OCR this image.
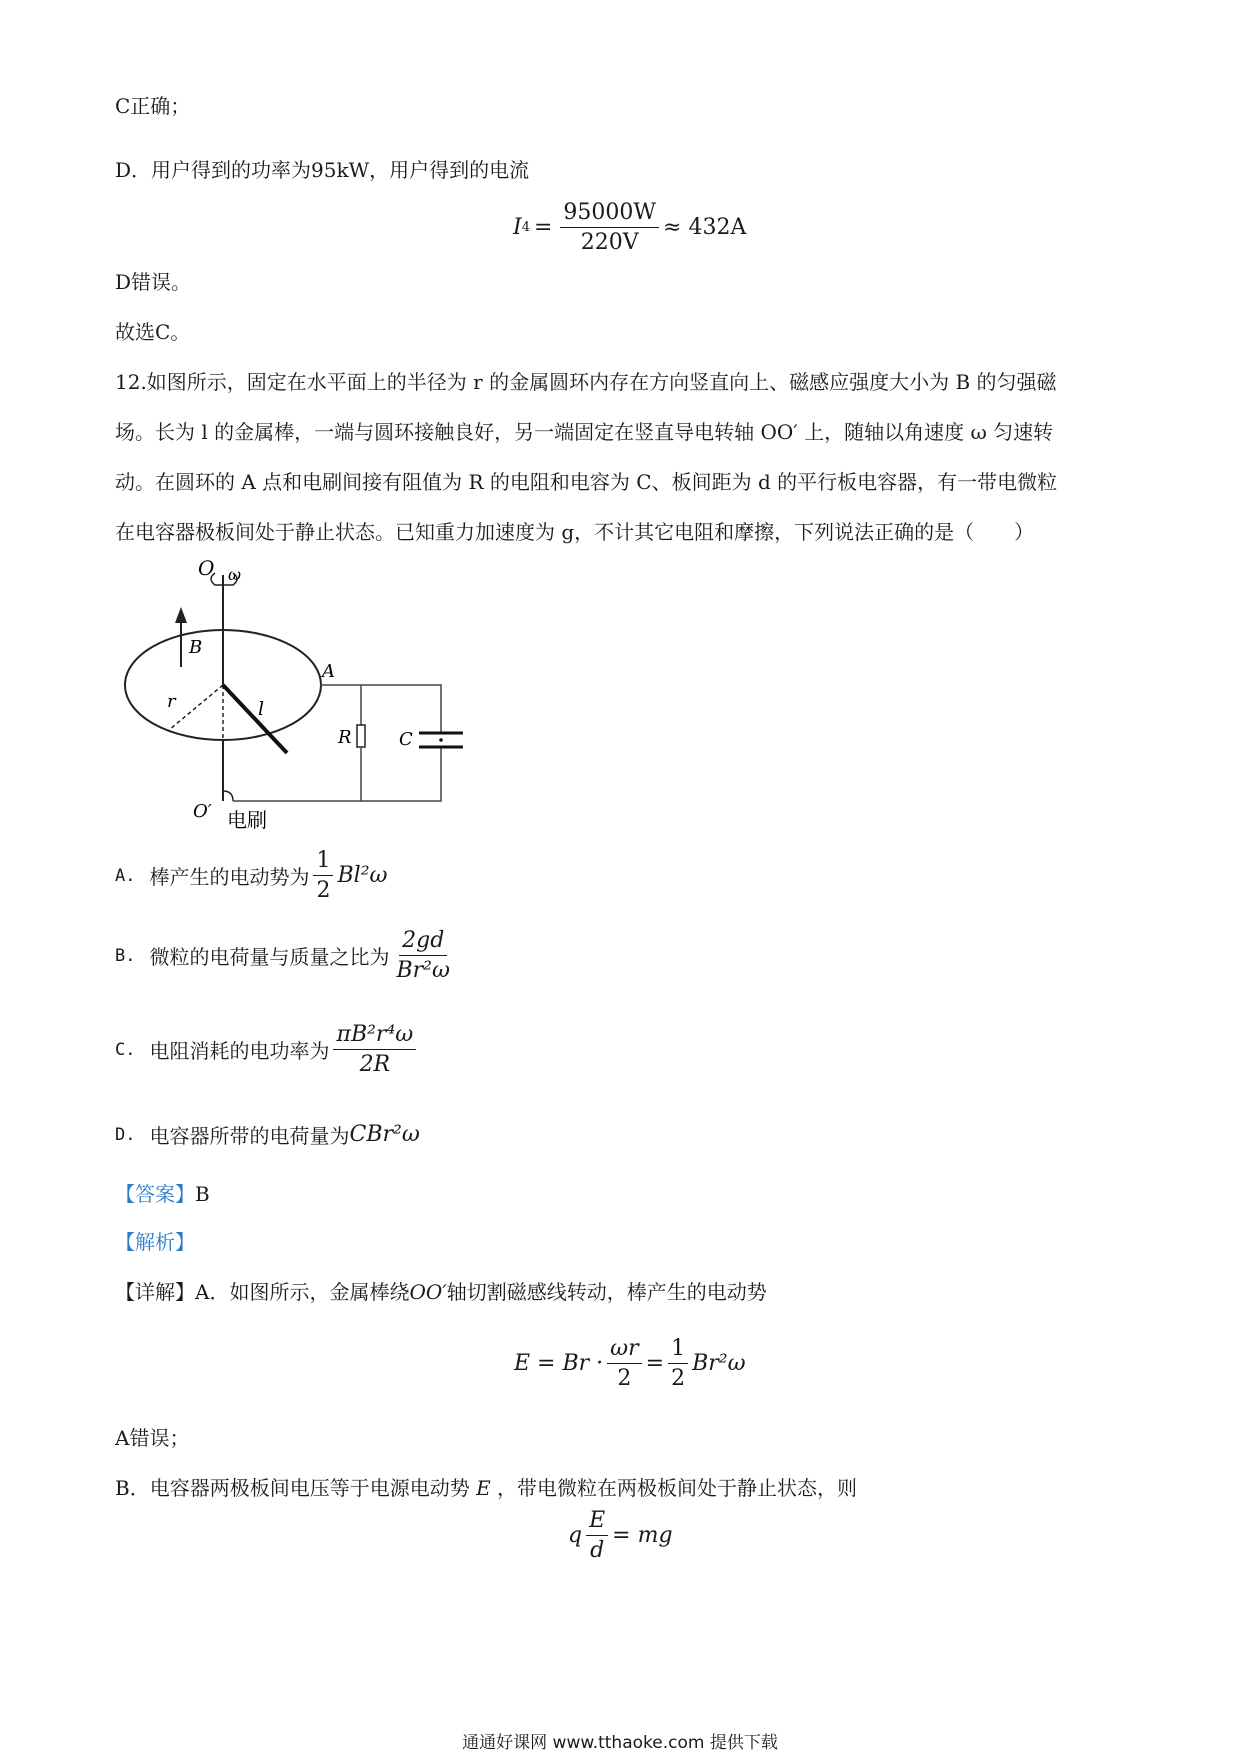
C正确；
D．用户得到的功率为95kW，用户得到的电流
I $4 = \frac{95000W}{220V} \approx 432A$
D错误。
故选C。
12.如图所示，固定在水平面上的半径为 r 的金属圆环内存在方向竖直向上、磁感应强度大小为 B 的匀强磁
场。长为 l 的金属棒，一端与圆环接触良好，另一端固定在竖直导电转轴 OO′ 上，随轴以角速度 ω 匀速转
动。在圆环的 A 点和电刷间接有阻值为 R 的电阻和电容为 C、板间距为 d 的平行板电容器，有一带电微粒
在电容器极板间处于静止状态。已知重力加速度为 g，不计其它电阻和摩擦，下列说法正确的是（　　）
O ω
B
A
r	l
O′ 电刷
R	C
A. 棒产生的电动势为 $\frac{1}{2} Bl^2\omega$
B. 微粒的电荷量与质量之比为 $\frac{2gd}{\text{Br²ω}}$
C. 电阻消耗的电功率为 $\frac{\text{πB²r⁴ω}}{2R}$
D. 电容器所带的电荷量为 CBr²ω
【答案】B
【解析】
【详解】A．如图所示，金属棒绕OO′轴切割磁感线转动，棒产生的电动势
$E = Br \cdot \frac{\omega r}{2} = \frac{1}{2} Br^2\omega$
A错误；
B．电容器两极板间电压等于电源电动势 E ，带电微粒在两极板间处于静止状态，则
q $\frac{E}{d}$ = mg
通通好课网 www.tthaoke.com 提供下载
